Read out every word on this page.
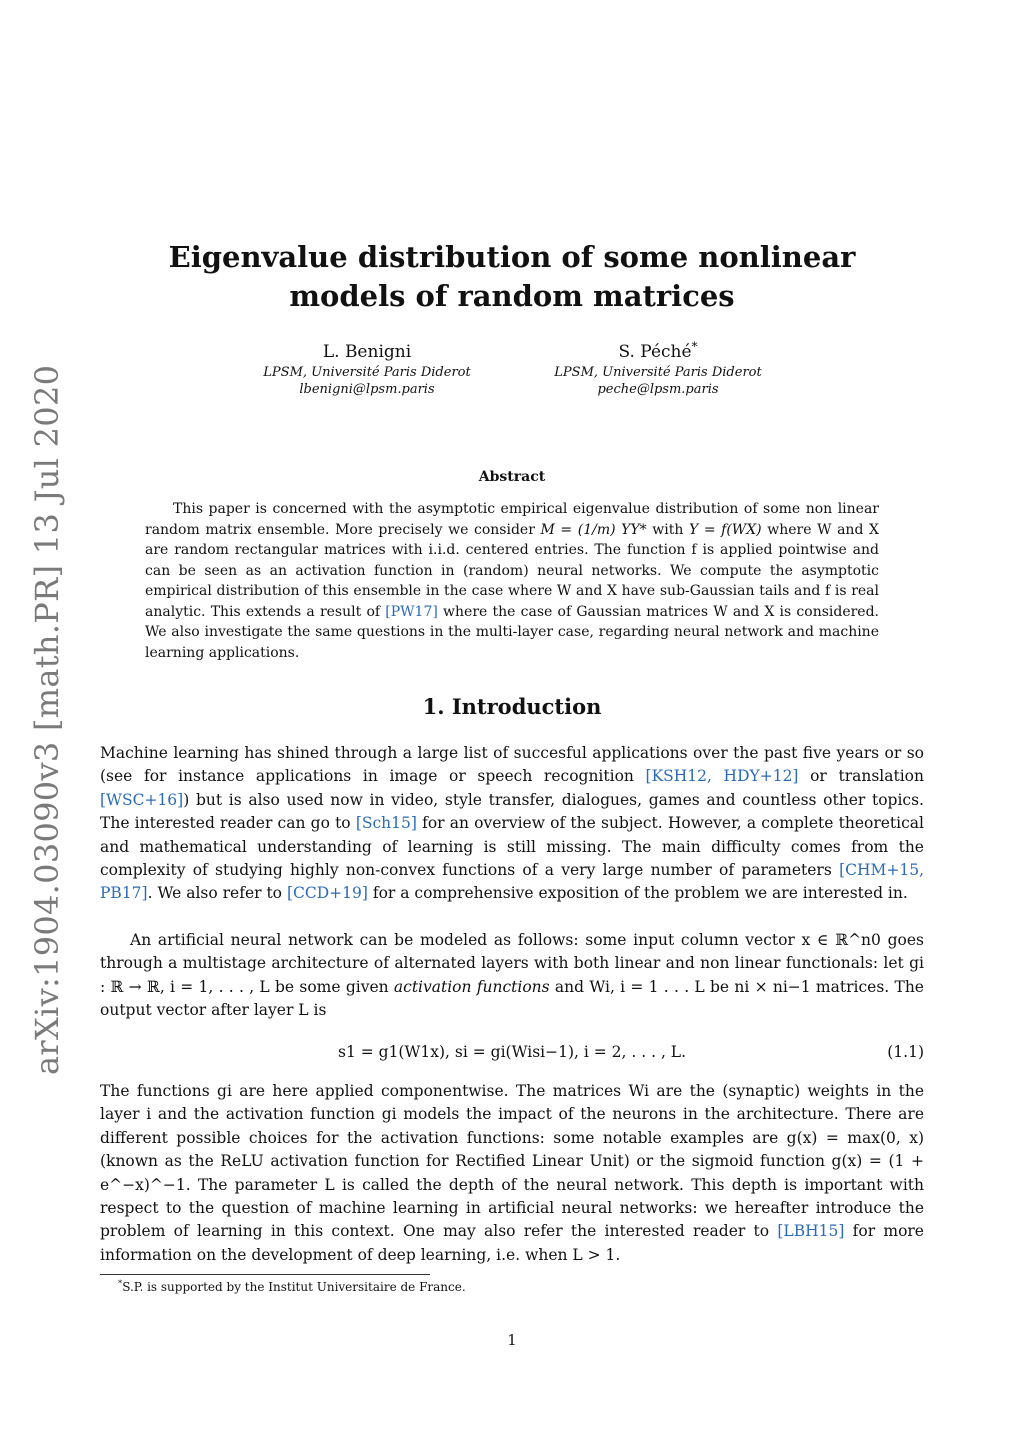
arXiv:1904.03090v3 [math.PR] 13 Jul 2020
Eigenvalue distribution of some nonlinear models of random matrices
L. Benigni
LPSM, Université Paris Diderot
lbenigni@lpsm.paris
S. Péché*
LPSM, Université Paris Diderot
peche@lpsm.paris
Abstract

This paper is concerned with the asymptotic empirical eigenvalue distribution of some non linear random matrix ensemble. More precisely we consider M = (1/m) YY* with Y = f(WX) where W and X are random rectangular matrices with i.i.d. centered entries. The function f is applied pointwise and can be seen as an activation function in (random) neural networks. We compute the asymptotic empirical distribution of this ensemble in the case where W and X have sub-Gaussian tails and f is real analytic. This extends a result of [PW17] where the case of Gaussian matrices W and X is considered. We also investigate the same questions in the multi-layer case, regarding neural network and machine learning applications.

1. Introduction

Machine learning has shined through a large list of succesful applications over the past five years or so (see for instance applications in image or speech recognition [KSH12, HDY+12] or translation [WSC+16]) but is also used now in video, style transfer, dialogues, games and countless other topics. The interested reader can go to [Sch15] for an overview of the subject. However, a complete theoretical and mathematical understanding of learning is still missing. The main difficulty comes from the complexity of studying highly non-convex functions of a very large number of parameters [CHM+15, PB17]. We also refer to [CCD+19] for a comprehensive exposition of the problem we are interested in.

An artificial neural network can be modeled as follows: some input column vector x ∈ ℝ^n0 goes through a multistage architecture of alternated layers with both linear and non linear functionals: let gi : ℝ → ℝ, i = 1, . . . , L be some given activation functions and Wi, i = 1 . . . L be ni × ni−1 matrices. The output vector after layer L is

s1 = g1(W1x), si = gi(Wisi−1), i = 2, . . . , L.	(1.1)

The functions gi are here applied componentwise. The matrices Wi are the (synaptic) weights in the layer i and the activation function gi models the impact of the neurons in the architecture. There are different possible choices for the activation functions: some notable examples are g(x) = max(0, x) (known as the ReLU activation function for Rectified Linear Unit) or the sigmoid function g(x) = (1 + e^−x)^−1. The parameter L is called the depth of the neural network. This depth is important with respect to the question of machine learning in artificial neural networks: we hereafter introduce the problem of learning in this context. One may also refer the interested reader to [LBH15] for more information on the development of deep learning, i.e. when L > 1.

*S.P. is supported by the Institut Universitaire de France.

1
